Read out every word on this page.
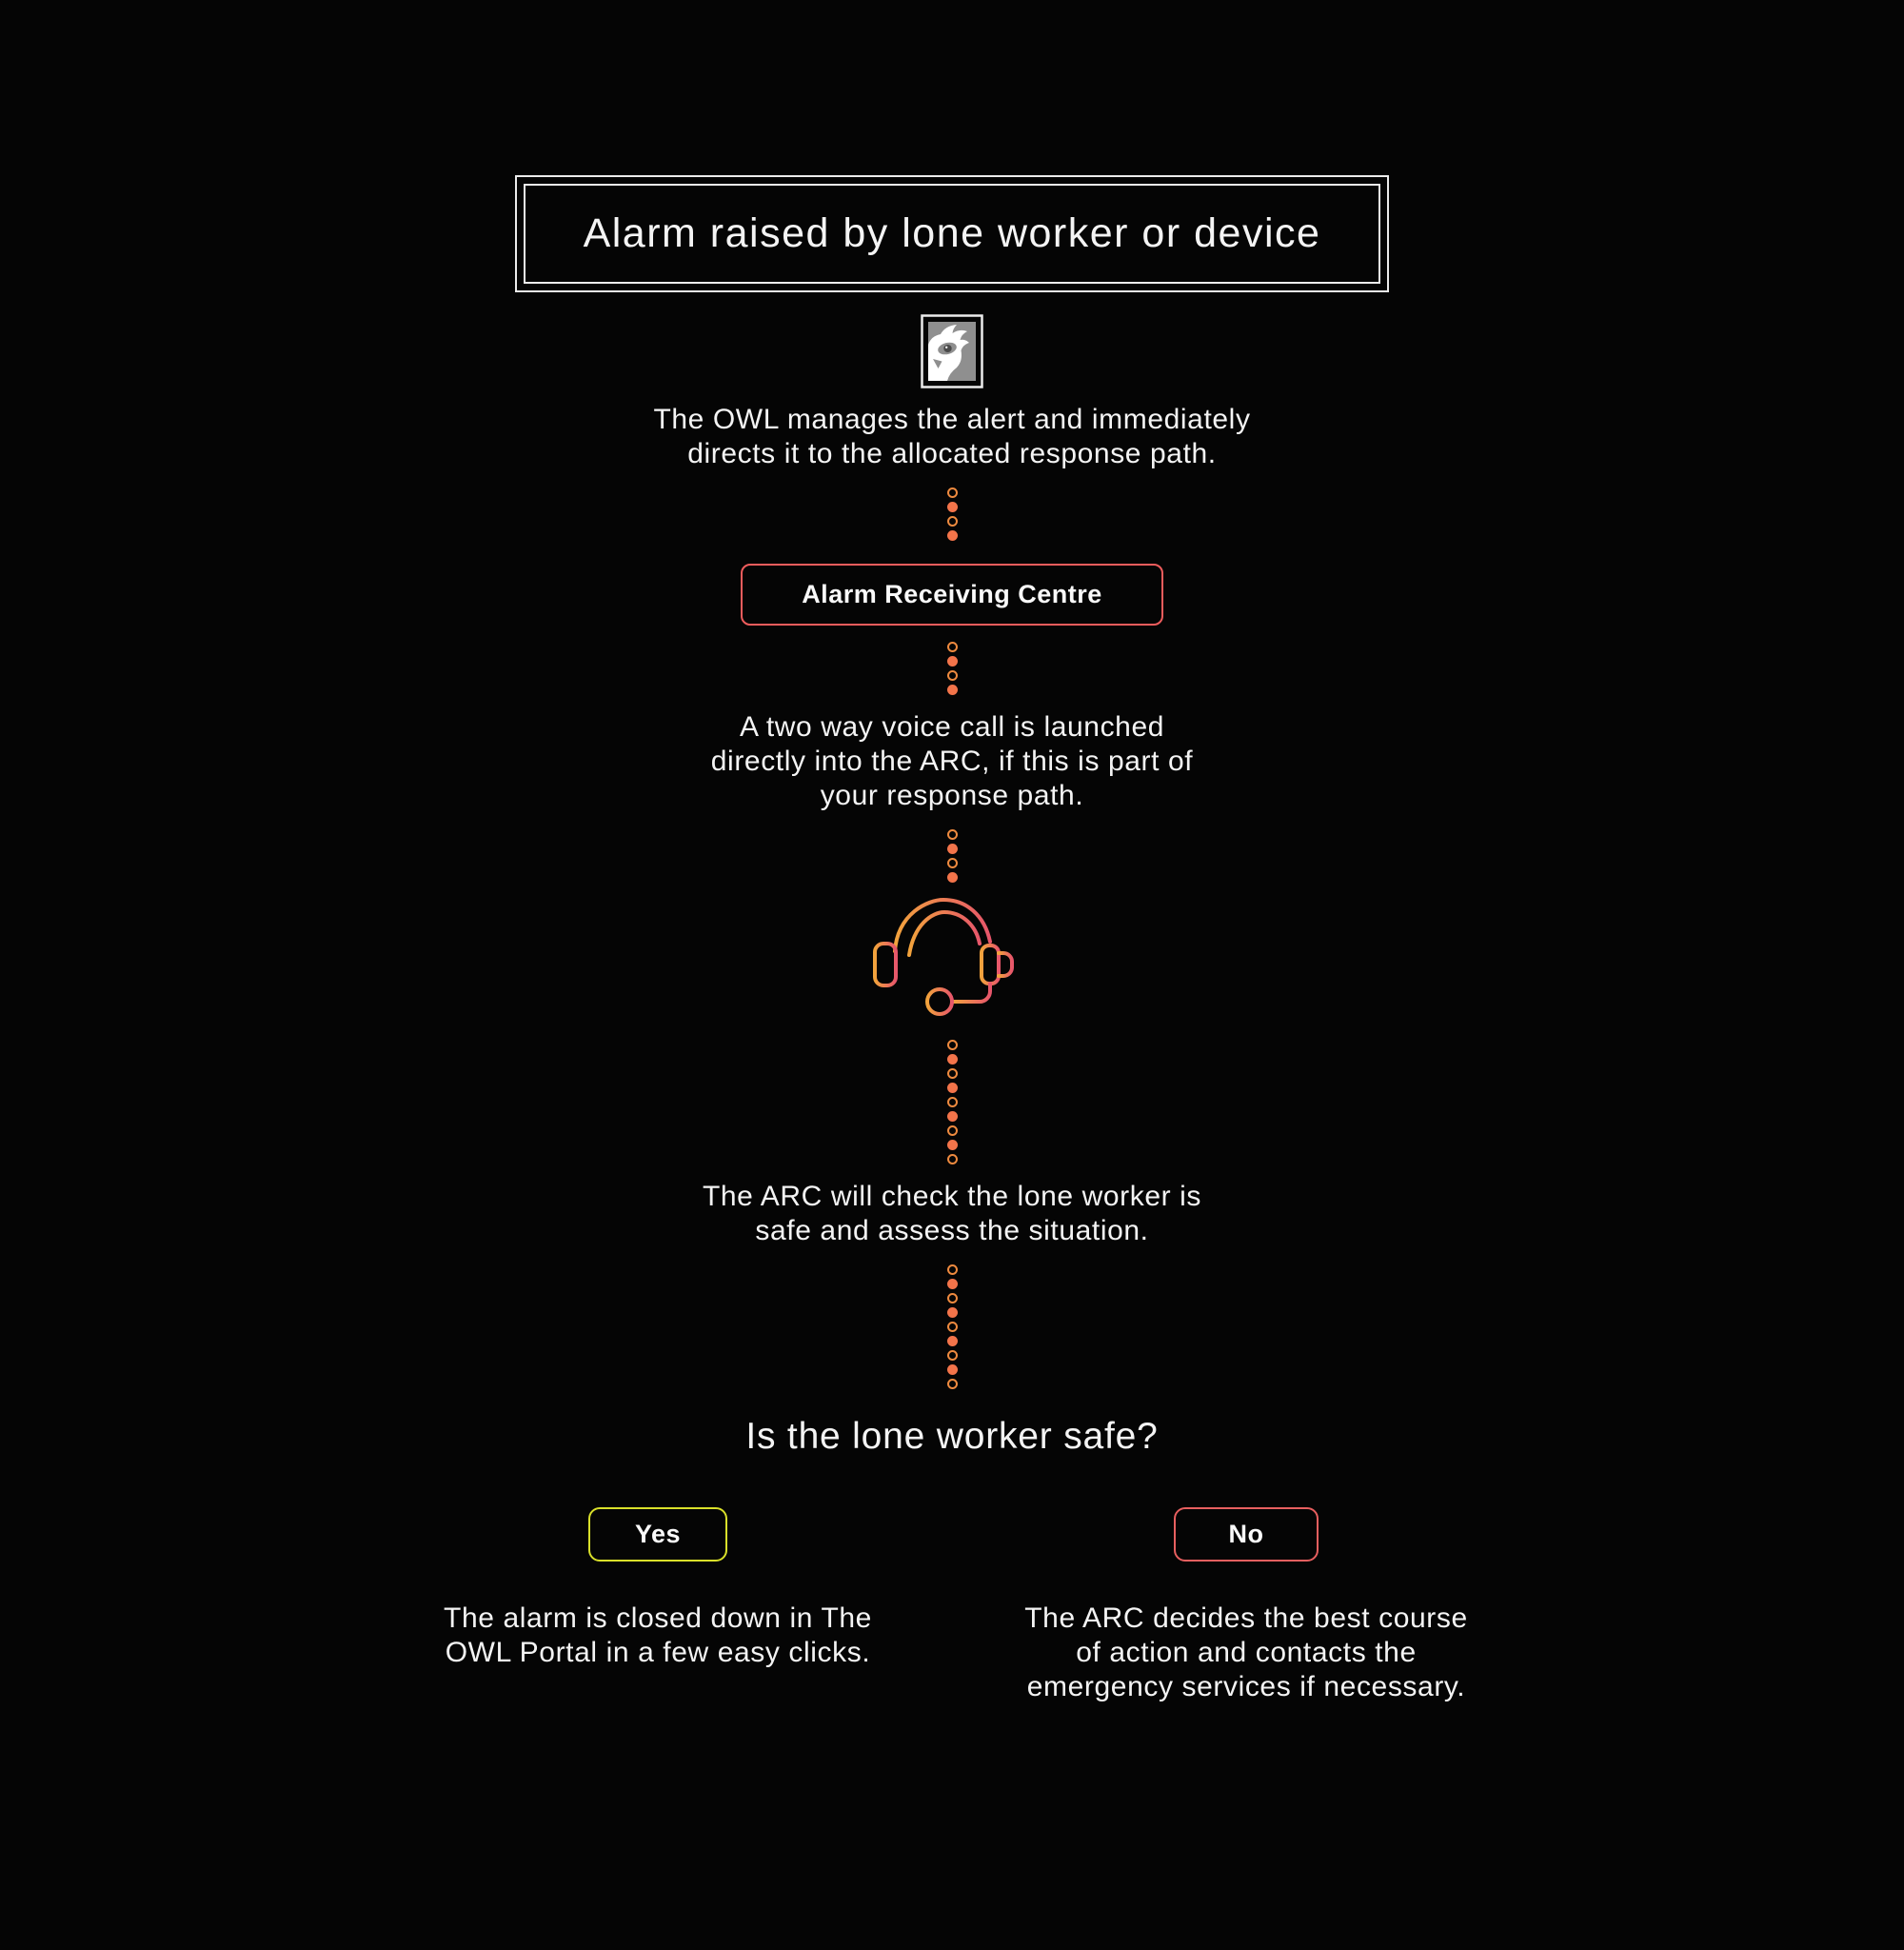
Alarm raised by lone worker or device

The OWL manages the alert and immediately
directs it to the allocated response path.

Alarm Receiving Centre

A two way voice call is launched
directly into the ARC, if this is part of
your response path.

The ARC will check the lone worker is
safe and assess the situation.

Is the lone worker safe?
Yes

The alarm is closed down in The
OWL Portal in a few easy clicks.

No

The ARC decides the best course
of action and contacts the
emergency services if necessary.
